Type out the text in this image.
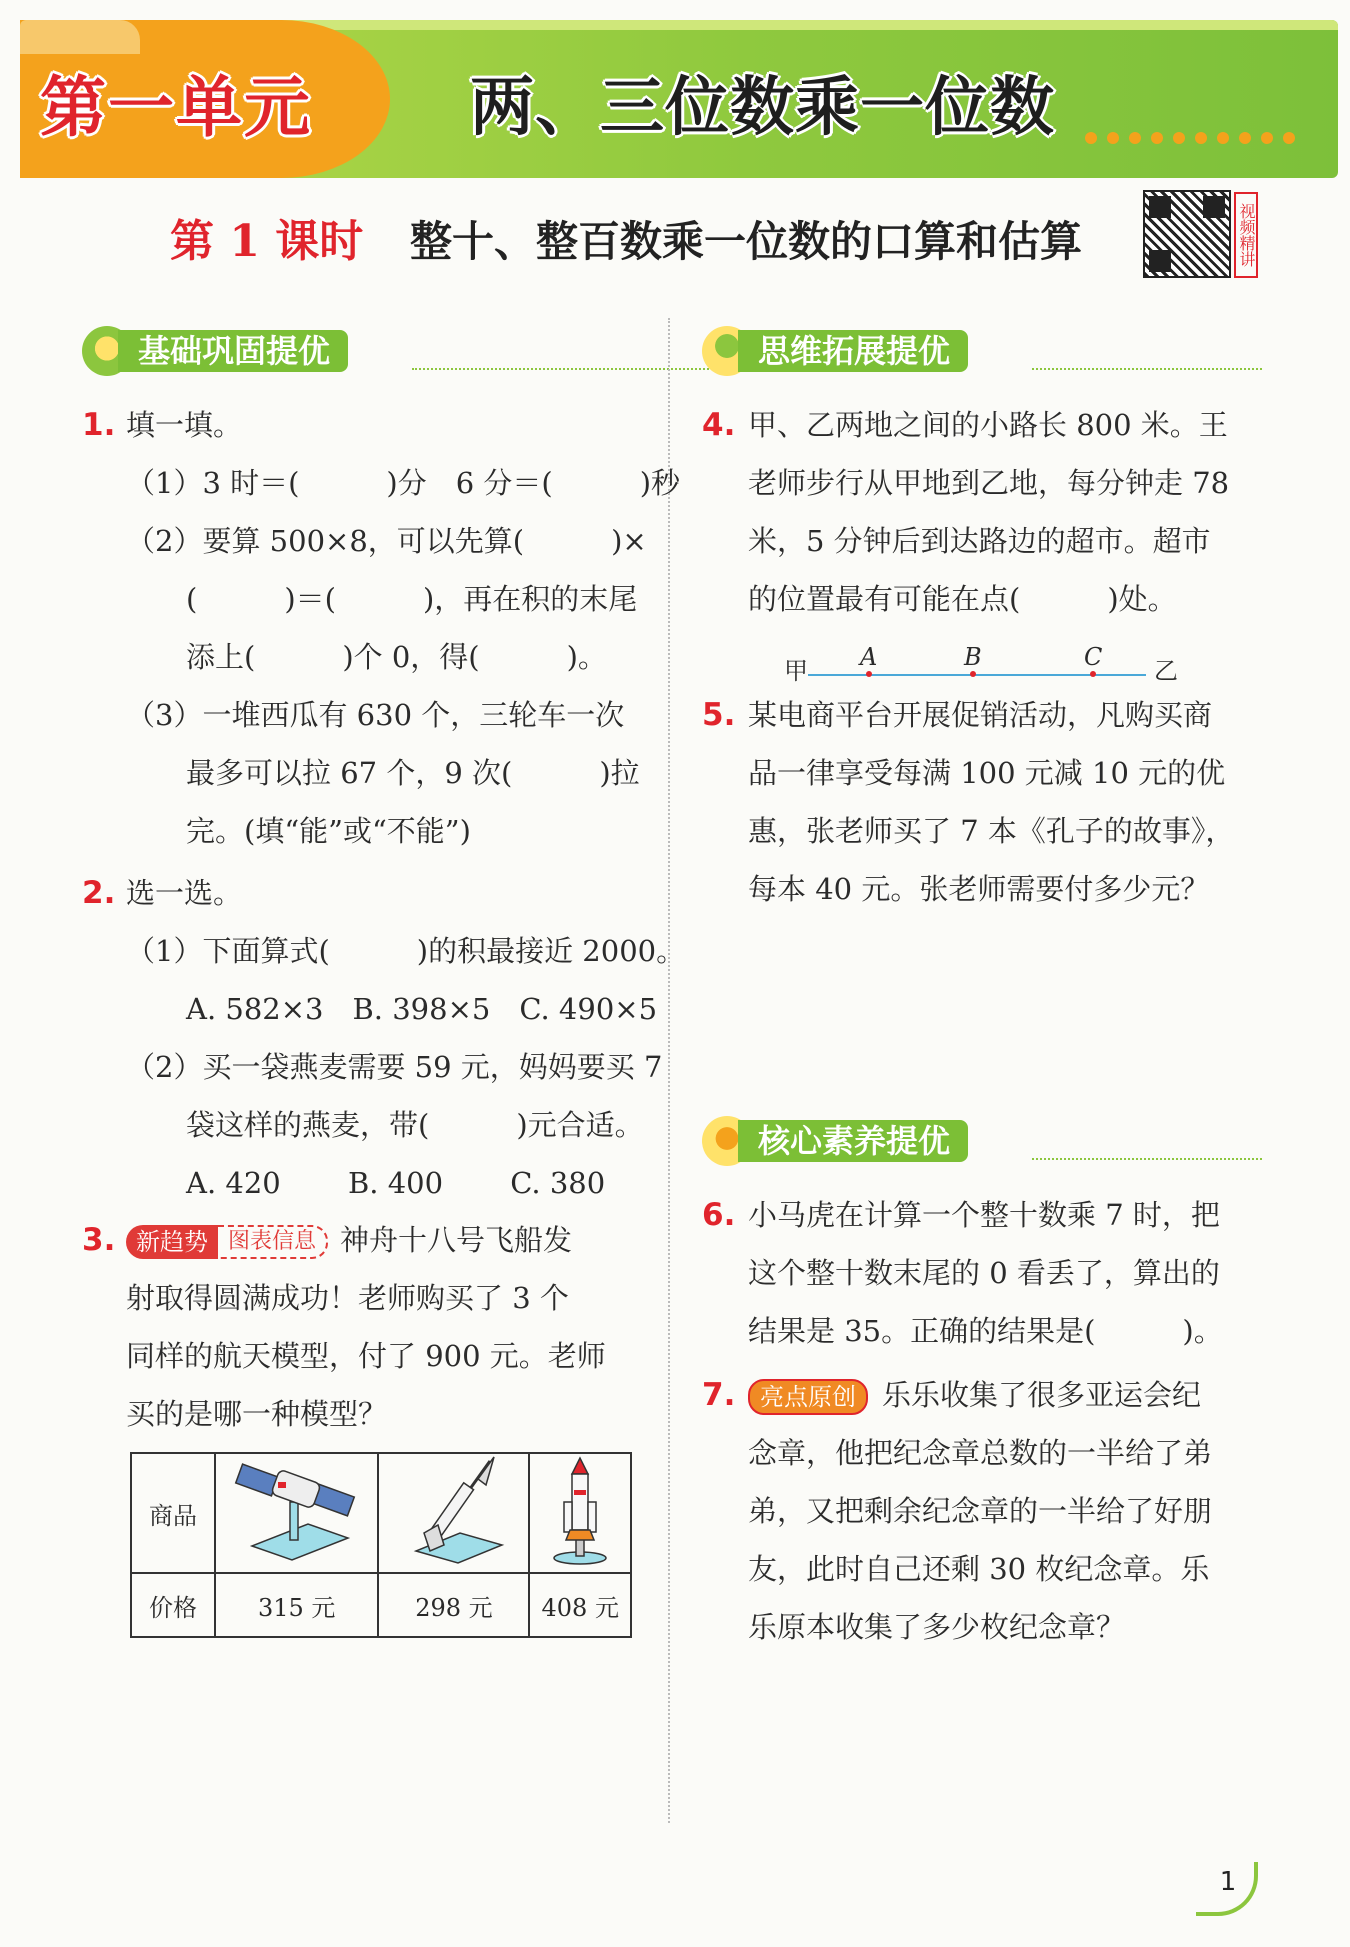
第一单元	两、三位数乘一位数
第 1 课时 整十、整百数乘一位数的口算和估算	视频精讲
基础巩固提优
1. 填一填。
（1）3 时＝(　　　)分　6 分＝(　　　)秒
（2）要算 500×8，可以先算(　　　)×
(　　　)＝(　　　)，再在积的末尾
添上(　　　)个 0，得(　　　)。
（3）一堆西瓜有 630 个，三轮车一次
最多可以拉 67 个，9 次(　　　)拉
完。(填“能”或“不能”)
2. 选一选。
（1）下面算式(　　　)的积最接近 2000。
A. 582×3　B. 398×5　C. 490×5
（2）买一袋燕麦需要 59 元，妈妈要买 7
袋这样的燕麦，带(　　　)元合适。
A. 420　　 B. 400　　 C. 380
3. 新趋势 图表信息 神舟十八号飞船发
射取得圆满成功！老师购买了 3 个
同样的航天模型，付了 900 元。老师
买的是哪一种模型？
商品			
价格	315 元	298 元	408 元
思维拓展提优
4. 甲、乙两地之间的小路长 800 米。王
老师步行从甲地到乙地，每分钟走 78
米，5 分钟后到达路边的超市。超市
的位置最有可能在点(　　　)处。
甲 A	B	C 乙
5. 某电商平台开展促销活动，凡购买商
品一律享受每满 100 元减 10 元的优
惠，张老师买了 7 本《孔子的故事》，
每本 40 元。张老师需要付多少元？
核心素养提优
6. 小马虎在计算一个整十数乘 7 时，把
这个整十数末尾的 0 看丢了，算出的
结果是 35。正确的结果是(　　　)。
7.	亮点原创 乐乐收集了很多亚运会纪
念章，他把纪念章总数的一半给了弟
弟，又把剩余纪念章的一半给了好朋
友，此时自己还剩 30 枚纪念章。乐
乐原本收集了多少枚纪念章？
1
